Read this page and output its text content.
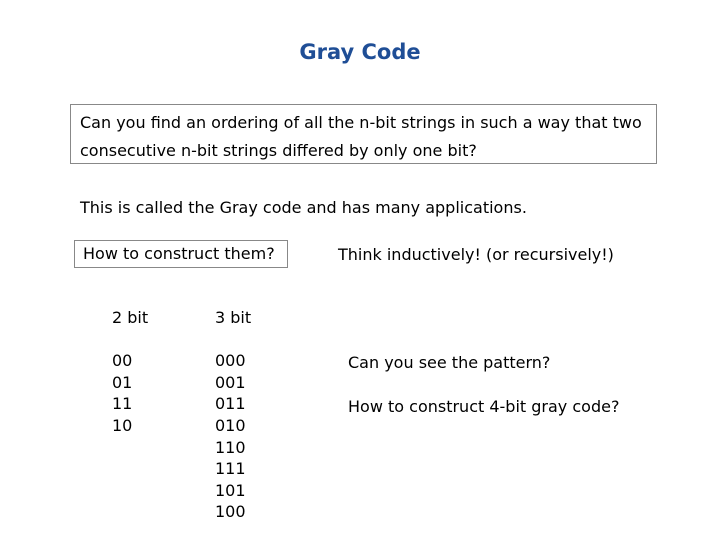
Gray Code
Can you find an ordering of all the n-bit strings in such a way that two consecutive n-bit strings differed by only one bit?
This is called the Gray code and has many applications.
How to construct them?	Think inductively! (or recursively!)
2 bit
00
01
11
10
3 bit
000
001
011
010
110
111
101
100
Can you see the pattern?
How to construct 4-bit gray code?
